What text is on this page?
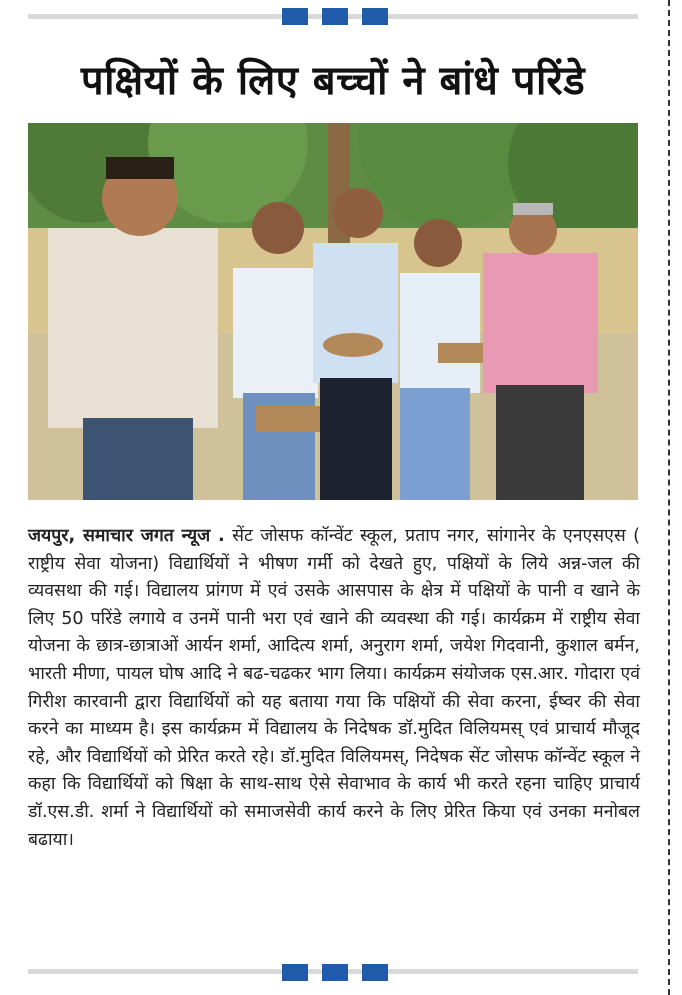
पक्षियों के लिए बच्चों ने बांधे परिंडे
जयपुर, समाचार जगत न्यूज . सेंट जोसफ कॉन्वेंट स्कूल, प्रताप नगर, सांगानेर के एनएसएस ( राष्ट्रीय सेवा योजना) विद्यार्थियों ने भीषण गर्मी को देखते हुए, पक्षियों के लिये अन्न-जल की व्यवसथा की गई। विद्यालय प्रांगण में एवं उसके आसपास के क्षेत्र में पक्षियों के पानी व खाने के लिए 50 परिंडे लगाये व उनमें पानी भरा एवं खाने की व्यवस्था की गई। कार्यक्रम में राष्ट्रीय सेवा योजना के छात्र-छात्राओं आर्यन शर्मा, आदित्य शर्मा, अनुराग शर्मा, जयेश गिदवानी, कुशाल बर्मन, भारती मीणा, पायल घोष आदि ने बढ-चढकर भाग लिया। कार्यक्रम संयोजक एस.आर. गोदारा एवं गिरीश कारवानी द्वारा विद्यार्थियों को यह बताया गया कि पक्षियों की सेवा करना, ईष्वर की सेवा करने का माध्यम है। इस कार्यक्रम में विद्यालय के निदेषक डॉ.मुदित विलियमस् एवं प्राचार्य मौजूद रहे, और विद्यार्थियों को प्रेरित करते रहे। डॉ.मुदित विलियमस्, निदेषक सेंट जोसफ कॉन्वेंट स्कूल ने कहा कि विद्यार्थियों को षिक्षा के साथ-साथ ऐसे सेवाभाव के कार्य भी करते रहना चाहिए प्राचार्य डॉ.एस.डी. शर्मा ने विद्यार्थियों को समाजसेवी कार्य करने के लिए प्रेरित किया एवं उनका मनोबल बढाया।
